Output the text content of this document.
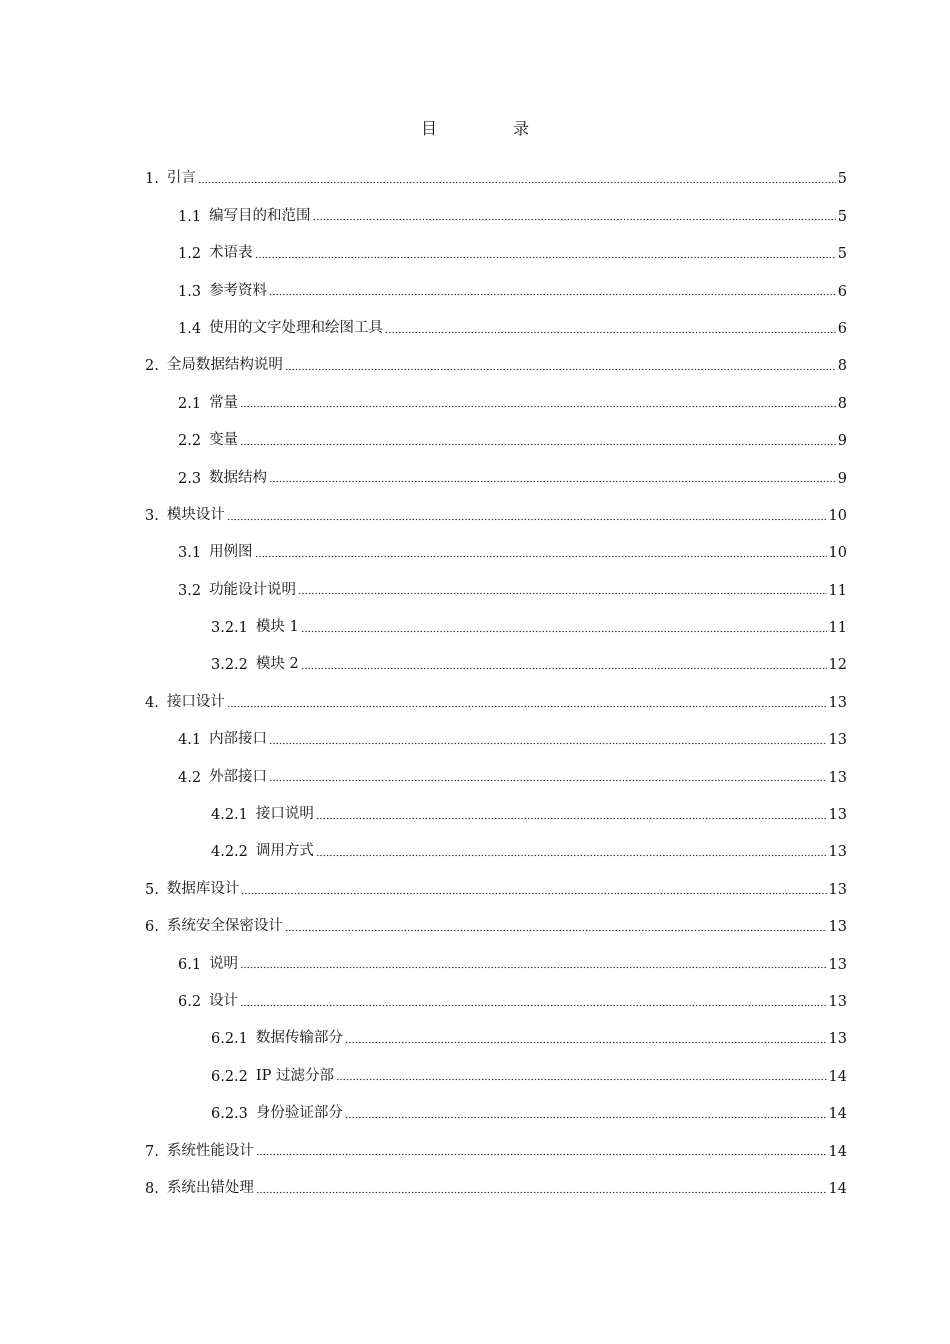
目　录
1. 引言	5
1.1 编写目的和范围	5
1.2 术语表	5
1.3 参考资料	6
1.4 使用的文字处理和绘图工具	6
2. 全局数据结构说明	8
2.1 常量	8
2.2 变量	9
2.3 数据结构	9
3. 模块设计	10
3.1 用例图	10
3.2 功能设计说明	11
3.2.1 模块 1	11
3.2.2 模块 2	12
4. 接口设计	13
4.1 内部接口	13
4.2 外部接口	13
4.2.1 接口说明	13
4.2.2 调用方式	13
5. 数据库设计	13
6. 系统安全保密设计	13
6.1 说明	13
6.2 设计	13
6.2.1 数据传输部分	13
6.2.2 IP 过滤分部	14
6.2.3 身份验证部分	14
7. 系统性能设计	14
8. 系统出错处理	14
